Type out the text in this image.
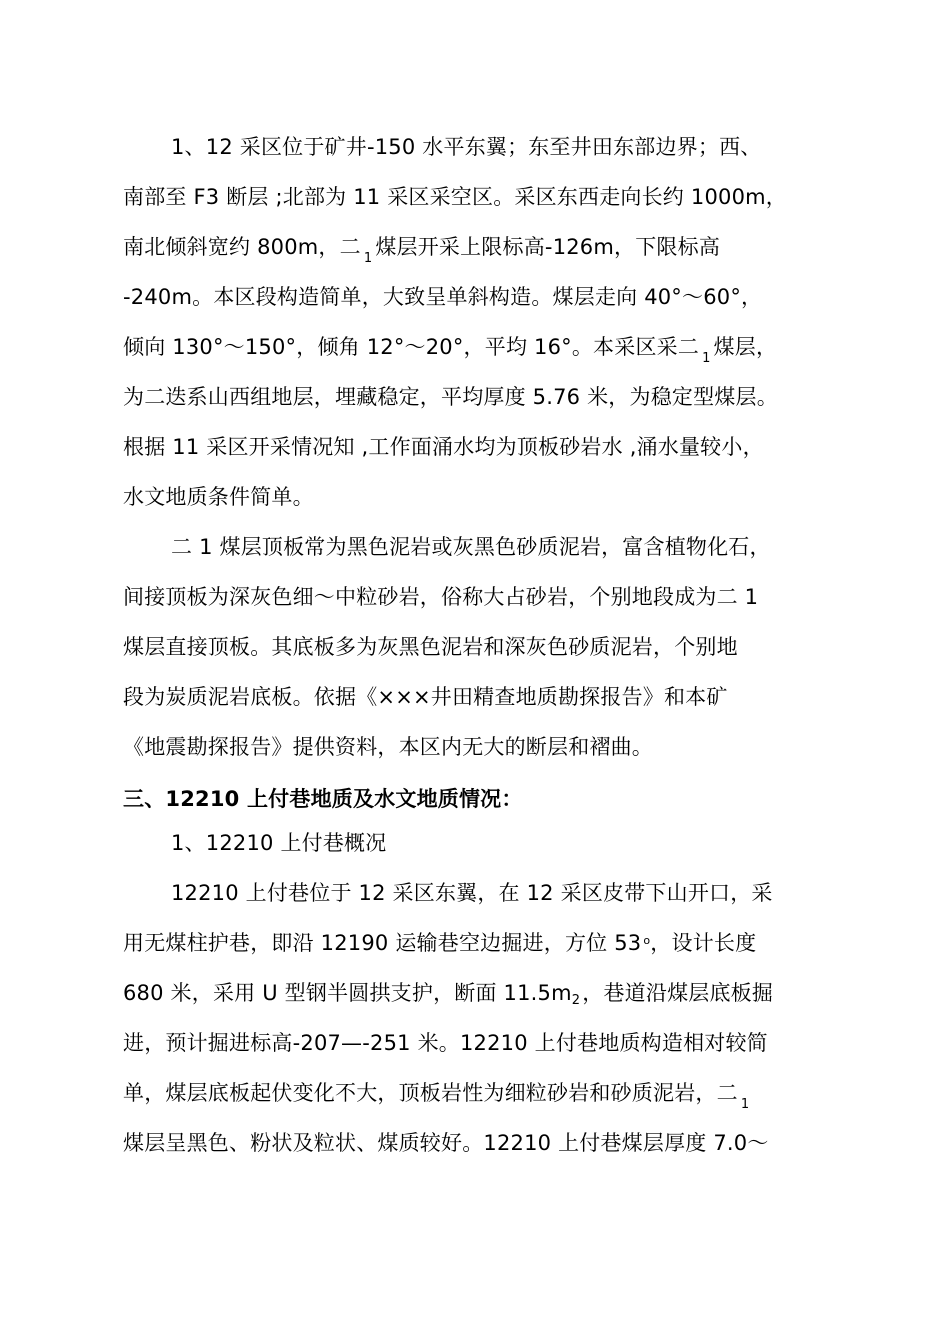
1、12 采区位于矿井-150 水平东翼；东至井田东部边界；西、
南部至 F3 断层 ;北部为 11 采区采空区。采区东西走向长约 1000m，
南北倾斜宽约 800m，二 $_1$ 煤层开采上限标高-126m，下限标高
-240m。本区段构造简单，大致呈单斜构造。煤层走向 40°～60°，
倾向 130°～150°，倾角 12°～20°，平均 16°。本采区采二 $_1$ 煤层，
为二迭系山西组地层，埋藏稳定，平均厚度 5.76 米，为稳定型煤层。
根据 11 采区开采情况知 ,工作面涌水均为顶板砂岩水 ,涌水量较小，
水文地质条件简单。
二 1 煤层顶板常为黑色泥岩或灰黑色砂质泥岩，富含植物化石，
间接顶板为深灰色细～中粒砂岩，俗称大占砂岩，个别地段成为二 1
煤层直接顶板。其底板多为灰黑色泥岩和深灰色砂质泥岩，个别地
段为炭质泥岩底板。依据《×××井田精查地质勘探报告》和本矿
《地震勘探报告》提供资料，本区内无大的断层和褶曲。
三、12210 上付巷地质及水文地质情况：
1、12210 上付巷概况
12210 上付巷位于 12 采区东翼，在 12 采区皮带下山开口，采
用无煤柱护巷，即沿 12190 运输巷空边掘进，方位 53 $^o$，设计长度
680 米，采用 U 型钢半圆拱支护，断面 11.5m2，巷道沿煤层底板掘
进，预计掘进标高-207—-251 米。12210 上付巷地质构造相对较简
单，煤层底板起伏变化不大，顶板岩性为细粒砂岩和砂质泥岩，二 $_1$
煤层呈黑色、粉状及粒状、煤质较好。12210 上付巷煤层厚度 7.0～
